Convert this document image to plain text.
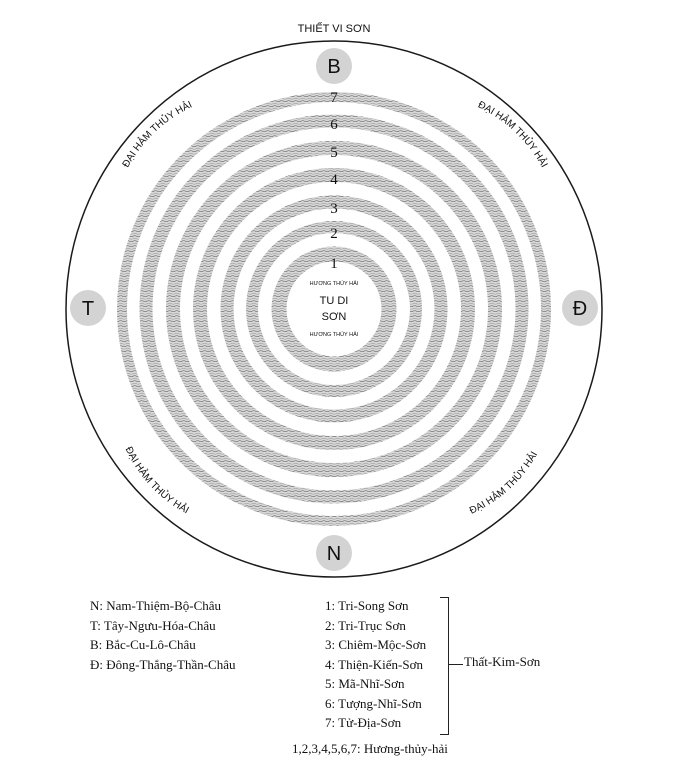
THIẾT VI SƠN
B
N
T	Đ
1
2
3
4
5
6
7
HƯƠNG THỦY HẢI
TU DI
SƠN
HƯƠNG THỦY HẢI
ĐẠI HẢM THỦY HẢI	ĐẠI HẢM THỦY HẢI
ĐẠI HẢM THỦY HẢI	ĐẠI HẢM THỦY HẢI
N: Nam-Thiệm-Bộ-Châu
T: Tây-Ngưu-Hóa-Châu
B: Bắc-Cu-Lô-Châu
Đ: Đông-Thắng-Thần-Châu
1: Tri-Song Sơn
2: Tri-Trục Sơn
3: Chiêm-Mộc-Sơn
4: Thiện-Kiến-Sơn
5: Mã-Nhĩ-Sơn
6: Tượng-Nhĩ-Sơn
7: Tử-Địa-Sơn
Thất-Kim-Sơn
1,2,3,4,5,6,7: Hương-thủy-hải
